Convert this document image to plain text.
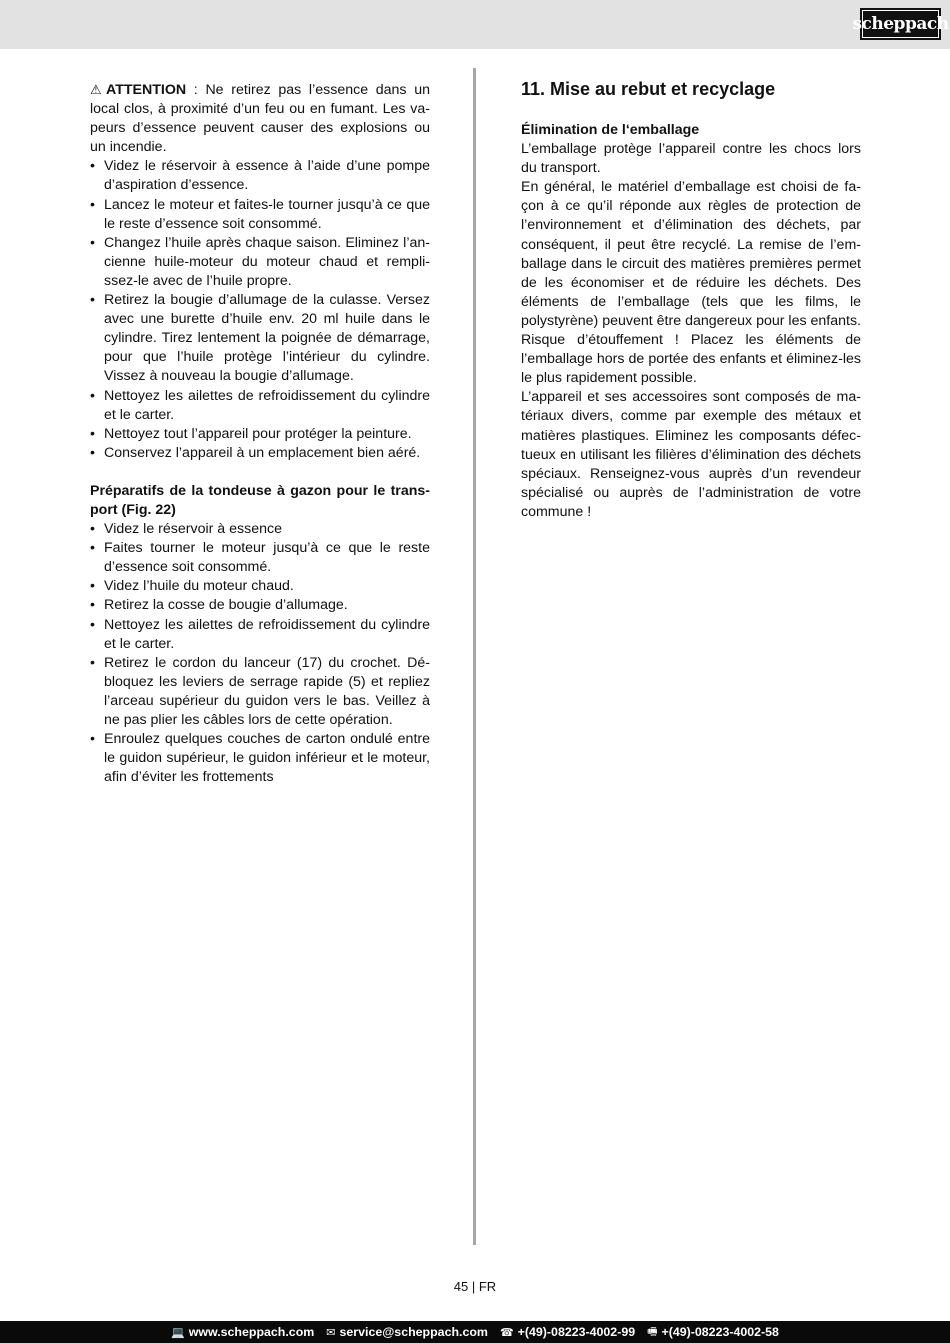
scheppach

⚠ ATTENTION : Ne retirez pas l’essence dans un local clos, à proximité d’un feu ou en fumant. Les vapeurs d’essence peuvent causer des explosions ou un incendie.

• Videz le réservoir à essence à l’aide d’une pompe d’aspiration d’essence.
• Lancez le moteur et faites-le tourner jusqu’à ce que le reste d’essence soit consommé.
• Changez l’huile après chaque saison. Eliminez l’ancienne huile-moteur du moteur chaud et remplissez-le avec de l’huile propre.
• Retirez la bougie d’allumage de la culasse. Versez avec une burette d’huile env. 20 ml huile dans le cylindre. Tirez lentement la poignée de démarrage, pour que l’huile protège l’intérieur du cylindre. Vissez à nouveau la bougie d’allumage.
• Nettoyez les ailettes de refroidissement du cylindre et le carter.
• Nettoyez tout l’appareil pour protéger la peinture.
• Conservez l’appareil à un emplacement bien aéré.

Préparatifs de la tondeuse à gazon pour le transport (Fig. 22)

• Videz le réservoir à essence
• Faites tourner le moteur jusqu’à ce que le reste d’essence soit consommé.
• Videz l’huile du moteur chaud.
• Retirez la cosse de bougie d’allumage.
• Nettoyez les ailettes de refroidissement du cylindre et le carter.
• Retirez le cordon du lanceur (17) du crochet. Débloquez les leviers de serrage rapide (5) et repliez l’arceau supérieur du guidon vers le bas. Veillez à ne pas plier les câbles lors de cette opération.
• Enroulez quelques couches de carton ondulé entre le guidon supérieur, le guidon inférieur et le moteur, afin d’éviter les frottements
11. Mise au rebut et recyclage

Élimination de l‘emballage

L’emballage protège l’appareil contre les chocs lors du transport.

En général, le matériel d’emballage est choisi de façon à ce qu’il réponde aux règles de protection de l’environnement et d’élimination des déchets, par conséquent, il peut être recyclé. La remise de l’emballage dans le circuit des matières premières permet de les économiser et de réduire les déchets. Des éléments de l’emballage (tels que les films, le polystyrène) peuvent être dangereux pour les enfants. Risque d’étouffement ! Placez les éléments de l’emballage hors de portée des enfants et éliminez-les le plus rapidement possible.

L’appareil et ses accessoires sont composés de matériaux divers, comme par exemple des métaux et matières plastiques. Eliminez les composants défectueux en utilisant les filières d’élimination des déchets spéciaux. Renseignez-vous auprès d’un revendeur spécialisé ou auprès de l’administration de votre commune !

45 | FR
💻 www.scheppach.com ✉ service@scheppach.com ☎ +(49)-08223-4002-99 🖷 +(49)-08223-4002-58
